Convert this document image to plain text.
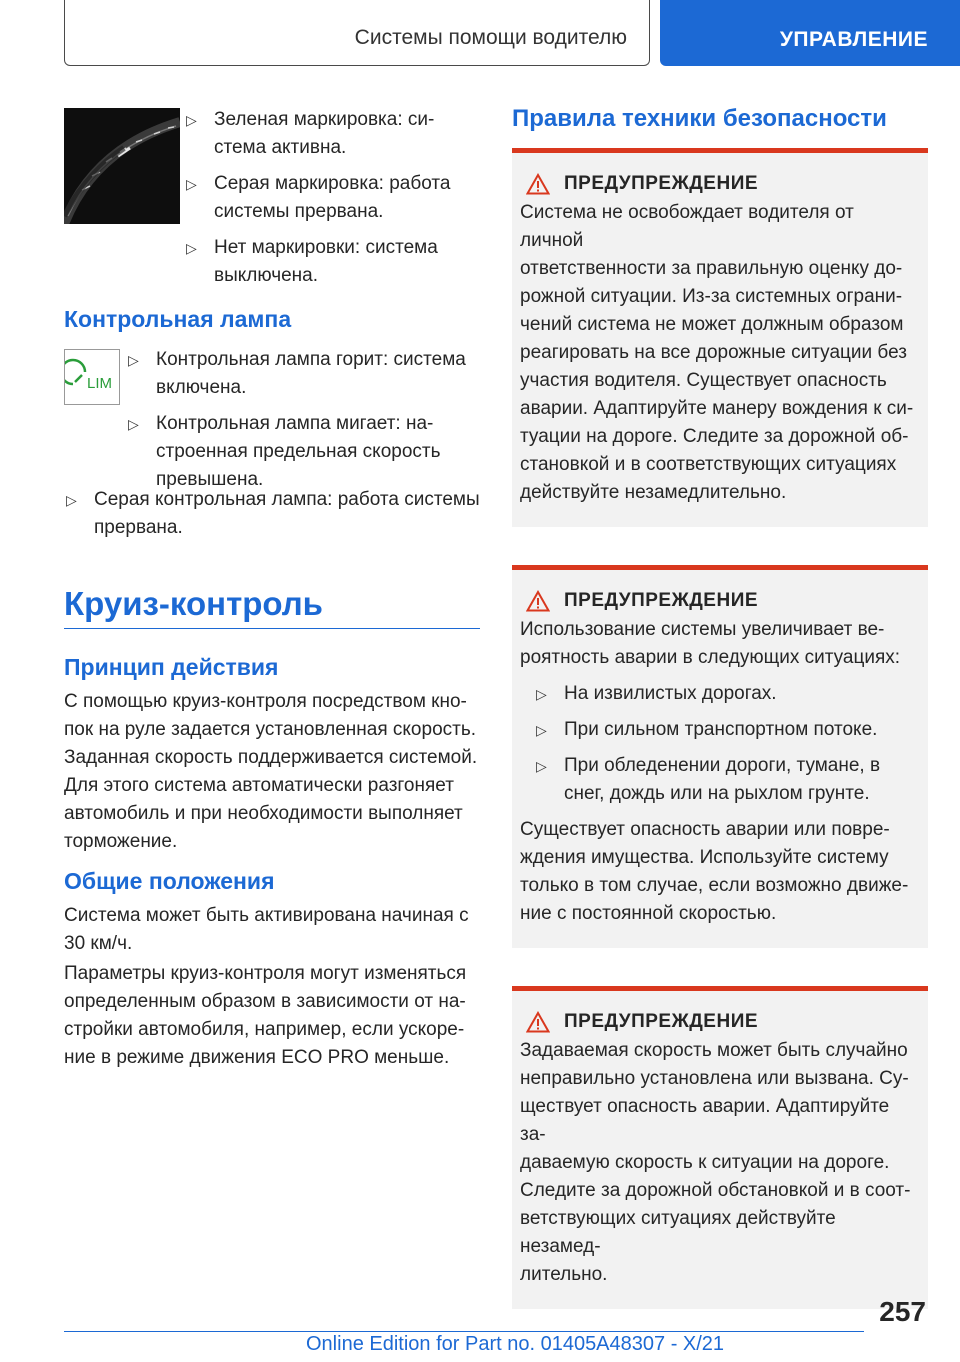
Системы помощи водителю	УПРАВЛЕНИЕ
▷ Зеленая маркировка: си-
стема активна.
▷ Серая маркировка: работа
системы прервана.
▷ Нет маркировки: система
выключена.
Контрольная лампа
LIM
▷ Контрольная лампа горит: система
включена.
▷ Контрольная лампа мигает: на-
строенная предельная скорость
превышена.
▷ Серая контрольная лампа: работа системы
прервана.
Круиз-контроль
Принцип действия
С помощью круиз-контроля посредством кно-
пок на руле задается установленная скорость.
Заданная скорость поддерживается системой.
Для этого система автоматически разгоняет
автомобиль и при необходимости выполняет
торможение.
Общие положения
Система может быть активирована начиная с
30 км/ч.
Параметры круиз-контроля могут изменяться
определенным образом в зависимости от на-
стройки автомобиля, например, если ускоре-
ние в режиме движения ECO PRO меньше.
Правила техники безопасности
ПРЕДУПРЕЖДЕНИЕ
Система не освобождает водителя от личной
ответственности за правильную оценку до-
рожной ситуации. Из-за системных ограни-
чений система не может должным образом
реагировать на все дорожные ситуации без
участия водителя. Существует опасность
аварии. Адаптируйте манеру вождения к си-
туации на дороге. Следите за дорожной об-
становкой и в соответствующих ситуациях
действуйте незамедлительно.
ПРЕДУПРЕЖДЕНИЕ
Использование системы увеличивает ве-
роятность аварии в следующих ситуациях:
▷ На извилистых дорогах.
▷ При сильном транспортном потоке.
▷ При обледенении дороги, тумане, в
снег, дождь или на рыхлом грунте.
Существует опасность аварии или повре-
ждения имущества. Используйте систему
только в том случае, если возможно движе-
ние с постоянной скоростью.
ПРЕДУПРЕЖДЕНИЕ
Задаваемая скорость может быть случайно
неправильно установлена или вызвана. Су-
ществует опасность аварии. Адаптируйте за-
даваемую скорость к ситуации на дороге.
Следите за дорожной обстановкой и в соот-
ветствующих ситуациях действуйте незамед-
лительно.
257
Online Edition for Part no. 01405A48307 - X/21
